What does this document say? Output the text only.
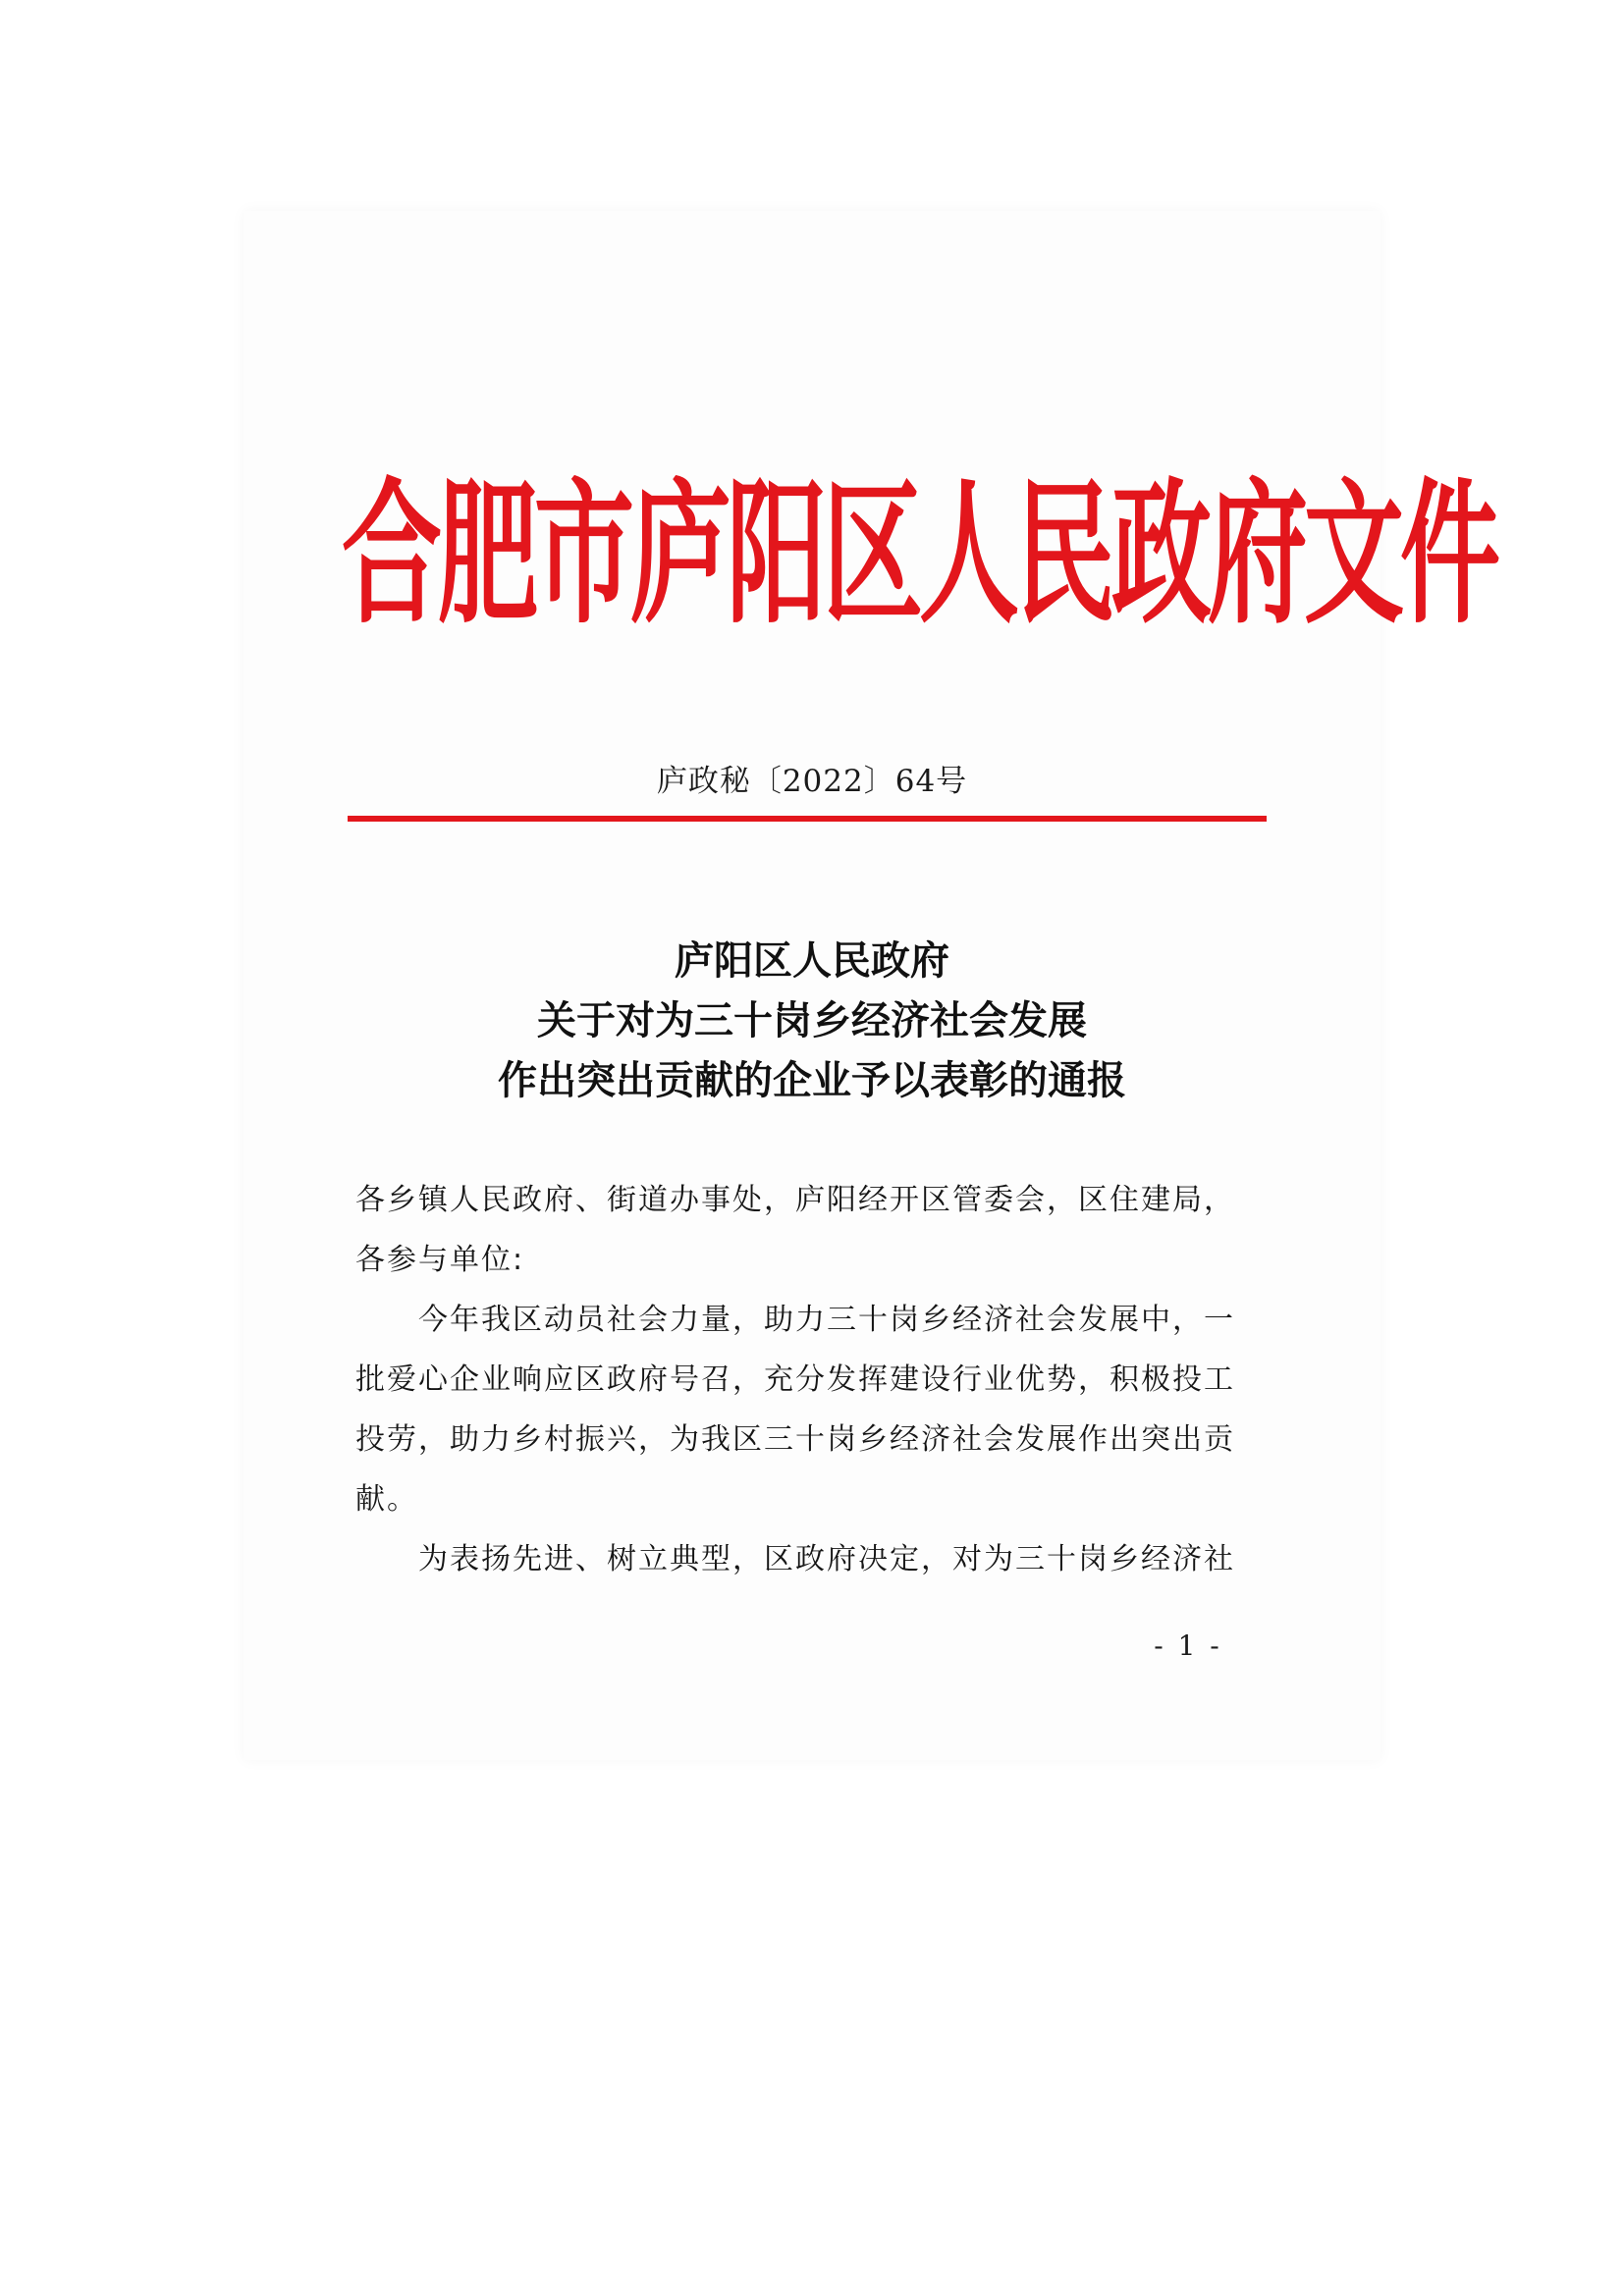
合肥市庐阳区人民政府文件
庐政秘〔2022〕64号
庐阳区人民政府
关于对为三十岗乡经济社会发展
作出突出贡献的企业予以表彰的通报

各乡镇人民政府、街道办事处，庐阳经开区管委会，区住建局，各参与单位:

今年我区动员社会力量，助力三十岗乡经济社会发展中，一批爱心企业响应区政府号召，充分发挥建设行业优势，积极投工投劳，助力乡村振兴，为我区三十岗乡经济社会发展作出突出贡献。

为表扬先进、树立典型，区政府决定，对为三十岗乡经济社

- 1 -
